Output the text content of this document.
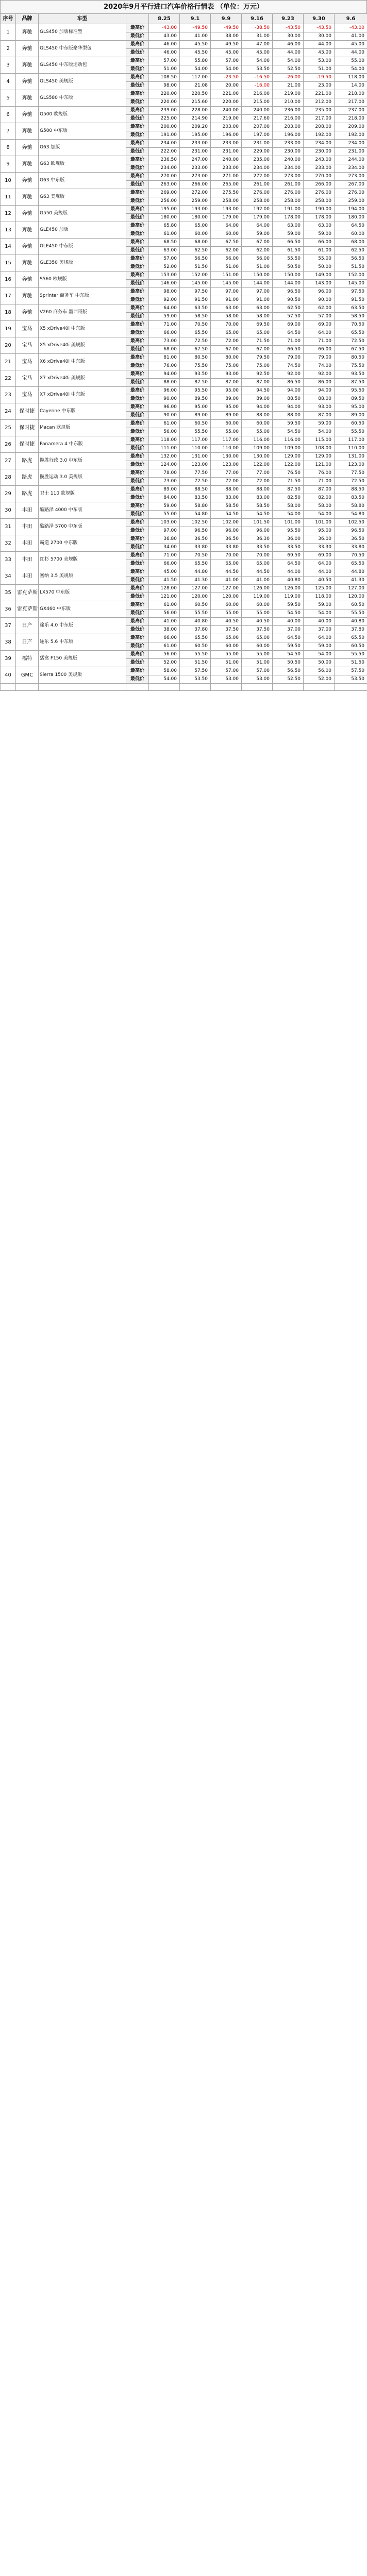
2020年9月平行进口汽车价格行情表 （单位：万元）
序号	品牌	车型		8.25	9.1	9.9	9.16	9.23	9.30	9.6
1	奔驰	GLS450 加版标准型	最高价	-43.00	-49.50	-49.50	-38.50	-43.50	-43.50	-43.00
			最低价	43.00	41.00	38.00	31.00	30.00	30.00	41.00
2	奔驰	GLS450 中东版豪华型包	最高价	46.00	45.50	49.50	47.00	46.00	44.00	45.00
			最低价	46.00	45.50	45.00	45.00	44.00	43.00	44.00
3	奔驰	GLS450 中东版运动包	最高价	57.00	55.80	57.00	54.00	54.00	53.00	55.00
			最低价	51.00	54.00	54.00	53.50	52.50	51.00	54.00
4	奔驰	GLS450 美规版	最高价	108.50	117.00	-23.50	-16.50	-26.00	-19.50	118.00
			最低价	98.00	21.08	20.00	-16.00	21.00	23.00	14.00
5	奔驰	GLS580 中东版	最高价	220.00	220.50	221.00	216.00	219.00	221.00	218.00
			最低价	220.00	215.60	220.00	215.00	210.00	212.00	217.00
6	奔驰	G500 欧规版	最高价	239.00	228.00	240.00	240.00	236.00	235.00	237.00
			最低价	225.00	214.90	219.00	217.60	216.00	217.00	218.00
7	奔驰	G500 中东版	最高价	200.00	209.20	203.00	207.00	203.00	208.00	209.00
			最低价	191.00	195.00	196.00	197.00	196.00	192.00	192.00
8	奔驰	G63 加版	最高价	234.00	233.00	233.00	231.00	233.00	234.00	234.00
			最低价	222.00	231.00	231.00	229.00	230.00	230.00	231.00
9	奔驰	G63 欧规版	最高价	236.50	247.00	240.00	235.00	240.00	243.00	244.00
			最低价	234.00	233.00	233.00	234.00	234.00	233.00	234.00
10	奔驰	G63 中东版	最高价	270.00	273.00	271.00	272.00	273.00	270.00	273.00
			最低价	263.00	266.00	265.00	261.00	261.00	266.00	267.00
11	奔驰	G63 美规版	最高价	269.00	272.00	275.50	276.00	276.00	276.00	276.00
			最低价	256.00	259.00	258.00	258.00	258.00	258.00	259.00
12	奔驰	G550 美规版	最高价	195.00	193.00	193.00	192.00	191.00	190.00	194.00
			最低价	180.00	180.00	179.00	179.00	178.00	178.00	180.00
13	奔驰	GLE450 加版	最高价	65.80	65.00	64.00	64.00	63.00	63.00	64.50
			最低价	61.00	60.00	60.00	59.00	59.00	59.00	60.00
14	奔驰	GLE450 中东版	最高价	68.50	68.00	67.50	67.00	66.50	66.00	68.00
			最低价	63.00	62.50	62.00	62.00	61.50	61.00	62.50
15	奔驰	GLE350 美规版	最高价	57.00	56.50	56.00	56.00	55.50	55.00	56.50
			最低价	52.00	51.50	51.00	51.00	50.50	50.00	51.50
16	奔驰	S560 欧规版	最高价	153.00	152.00	151.00	150.00	150.00	149.00	152.00
			最低价	146.00	145.00	145.00	144.00	144.00	143.00	145.00
17	奔驰	Sprinter 商务车 中东版	最高价	98.00	97.50	97.00	97.00	96.50	96.00	97.50
			最低价	92.00	91.50	91.00	91.00	90.50	90.00	91.50
18	奔驰	V260 商务车 墨西哥版	最高价	64.00	63.50	63.00	63.00	62.50	62.00	63.50
			最低价	59.00	58.50	58.00	58.00	57.50	57.00	58.50
19	宝马	X5 xDrive40i 中东版	最高价	71.00	70.50	70.00	69.50	69.00	69.00	70.50
			最低价	66.00	65.50	65.00	65.00	64.50	64.00	65.50
20	宝马	X5 xDrive40i 美规版	最高价	73.00	72.50	72.00	71.50	71.00	71.00	72.50
			最低价	68.00	67.50	67.00	67.00	66.50	66.00	67.50
21	宝马	X6 xDrive40i 中东版	最高价	81.00	80.50	80.00	79.50	79.00	79.00	80.50
			最低价	76.00	75.50	75.00	75.00	74.50	74.00	75.50
22	宝马	X7 xDrive40i 美规版	最高价	94.00	93.50	93.00	92.50	92.00	92.00	93.50
			最低价	88.00	87.50	87.00	87.00	86.50	86.00	87.50
23	宝马	X7 xDrive40i 中东版	最高价	96.00	95.50	95.00	94.50	94.00	94.00	95.50
			最低价	90.00	89.50	89.00	89.00	88.50	88.00	89.50
24	保时捷	Cayenne 中东版	最高价	96.00	95.00	95.00	94.00	94.00	93.00	95.00
			最低价	90.00	89.00	89.00	88.00	88.00	87.00	89.00
25	保时捷	Macan 欧规版	最高价	61.00	60.50	60.00	60.00	59.50	59.00	60.50
			最低价	56.00	55.50	55.00	55.00	54.50	54.00	55.50
26	保时捷	Panamera 4 中东版	最高价	118.00	117.00	117.00	116.00	116.00	115.00	117.00
			最低价	111.00	110.00	110.00	109.00	109.00	108.00	110.00
27	路虎	揽胜行政 3.0 中东版	最高价	132.00	131.00	130.00	130.00	129.00	129.00	131.00
			最低价	124.00	123.00	123.00	122.00	122.00	121.00	123.00
28	路虎	揽胜运动 3.0 美规版	最高价	78.00	77.50	77.00	77.00	76.50	76.00	77.50
			最低价	73.00	72.50	72.00	72.00	71.50	71.00	72.50
29	路虎	卫士 110 欧规版	最高价	89.00	88.50	88.00	88.00	87.50	87.00	88.50
			最低价	84.00	83.50	83.00	83.00	82.50	82.00	83.50
30	丰田	酷路泽 4000 中东版	最高价	59.00	58.80	58.50	58.50	58.00	58.00	58.80
			最低价	55.00	54.80	54.50	54.50	54.00	54.00	54.80
31	丰田	酷路泽 5700 中东版	最高价	103.00	102.50	102.00	101.50	101.00	101.00	102.50
			最低价	97.00	96.50	96.00	96.00	95.50	95.00	96.50
32	丰田	霸道 2700 中东版	最高价	36.80	36.50	36.50	36.30	36.00	36.00	36.50
			最低价	34.00	33.80	33.80	33.50	33.50	33.30	33.80
33	丰田	红杉 5700 美规版	最高价	71.00	70.50	70.00	70.00	69.50	69.00	70.50
			最低价	66.00	65.50	65.00	65.00	64.50	64.00	65.50
34	丰田	塞纳 3.5 美规版	最高价	45.00	44.80	44.50	44.50	44.00	44.00	44.80
			最低价	41.50	41.30	41.00	41.00	40.80	40.50	41.30
35	雷克萨斯	LX570 中东版	最高价	128.00	127.00	127.00	126.00	126.00	125.00	127.00
			最低价	121.00	120.00	120.00	119.00	119.00	118.00	120.00
36	雷克萨斯	GX460 中东版	最高价	61.00	60.50	60.00	60.00	59.50	59.00	60.50
			最低价	56.00	55.50	55.00	55.00	54.50	54.00	55.50
37	日产	途乐 4.0 中东版	最高价	41.00	40.80	40.50	40.50	40.00	40.00	40.80
			最低价	38.00	37.80	37.50	37.50	37.00	37.00	37.80
38	日产	途乐 5.6 中东版	最高价	66.00	65.50	65.00	65.00	64.50	64.00	65.50
			最低价	61.00	60.50	60.00	60.00	59.50	59.00	60.50
39	福特	猛禽 F150 美规版	最高价	56.00	55.50	55.00	55.00	54.50	54.00	55.50
			最低价	52.00	51.50	51.00	51.00	50.50	50.00	51.50
40	GMC	Sierra 1500 美规版	最高价	58.00	57.50	57.00	57.00	56.50	56.00	57.50
			最低价	54.00	53.50	53.00	53.00	52.50	52.00	53.50
